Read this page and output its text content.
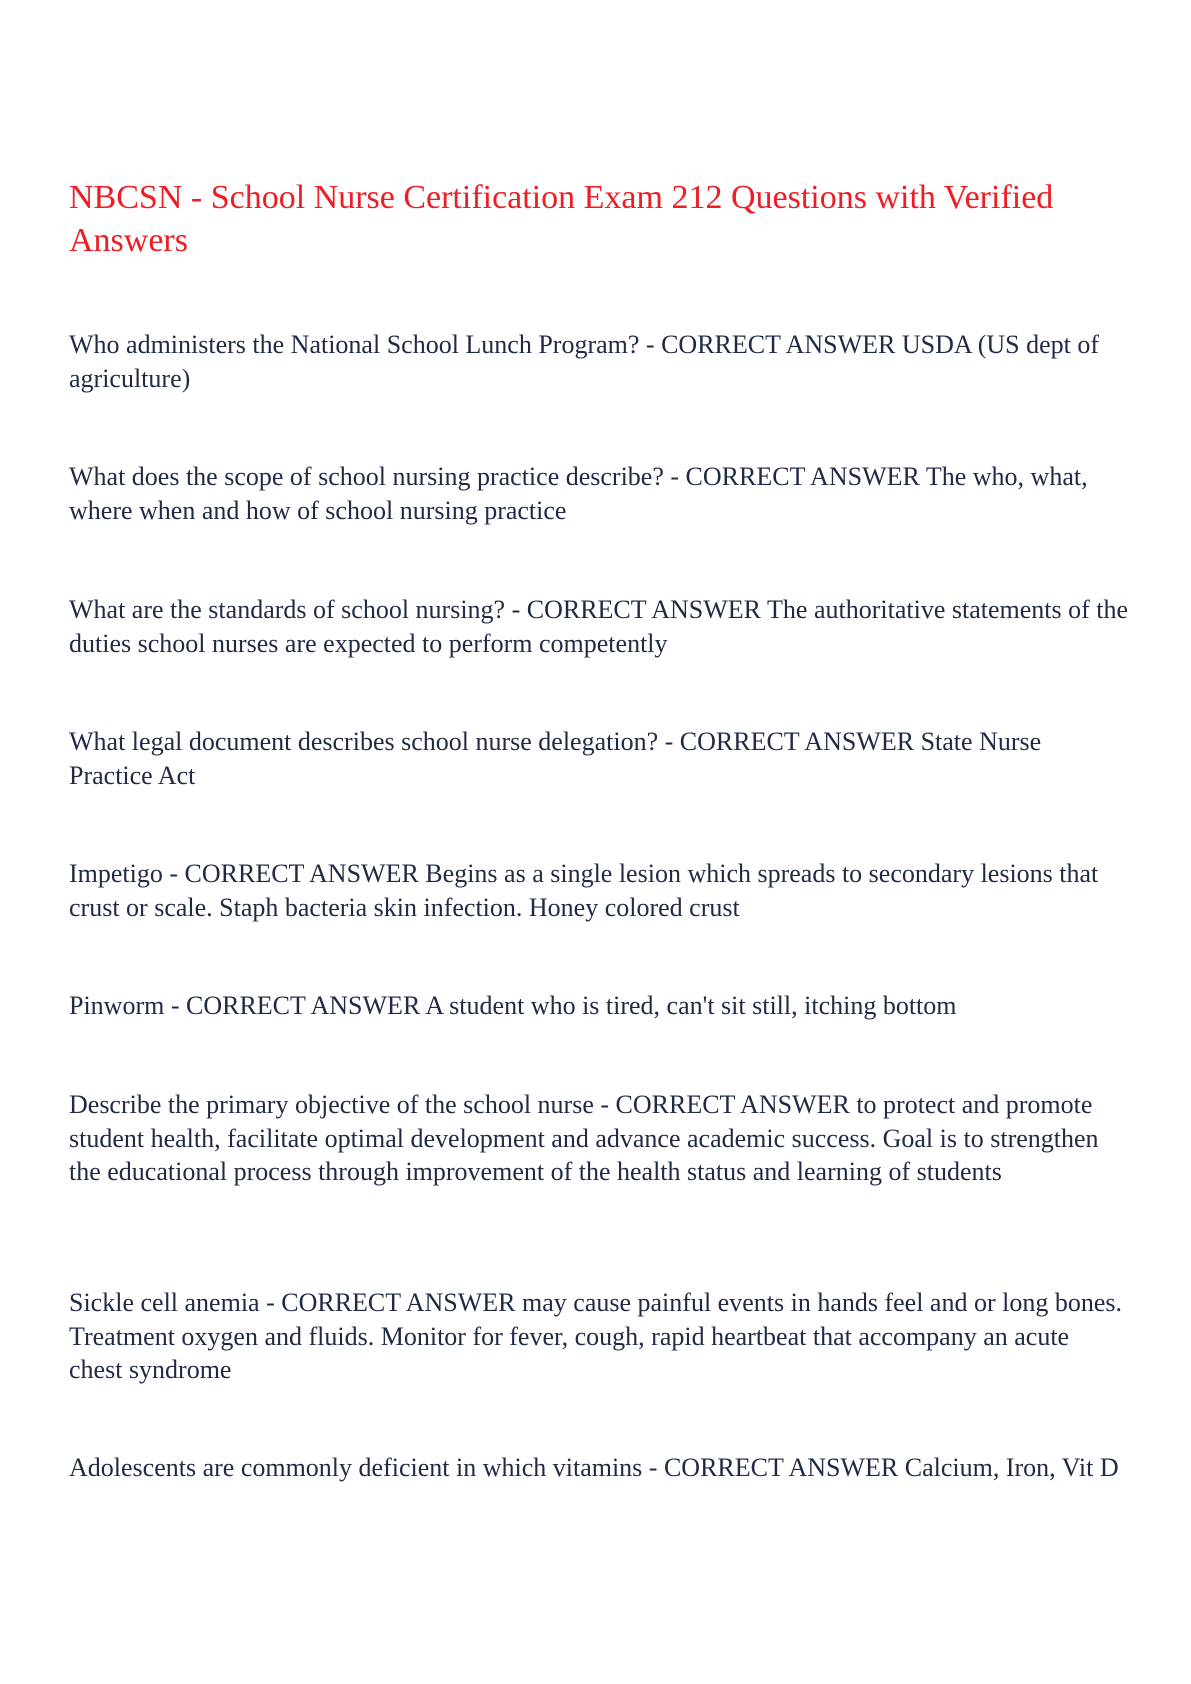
NBCSN - School Nurse Certification Exam 212 Questions with Verified Answers

Who administers the National School Lunch Program? - CORRECT ANSWER USDA (US dept of agriculture)

What does the scope of school nursing practice describe? - CORRECT ANSWER The who, what, where when and how of school nursing practice

What are the standards of school nursing? - CORRECT ANSWER The authoritative statements of the duties school nurses are expected to perform competently

What legal document describes school nurse delegation? - CORRECT ANSWER State Nurse Practice Act

Impetigo - CORRECT ANSWER Begins as a single lesion which spreads to secondary lesions that crust or scale. Staph bacteria skin infection. Honey colored crust

Pinworm - CORRECT ANSWER A student who is tired, can't sit still, itching bottom

Describe the primary objective of the school nurse - CORRECT ANSWER to protect and promote student health, facilitate optimal development and advance academic success. Goal is to strengthen the educational process through improvement of the health status and learning of students

Sickle cell anemia - CORRECT ANSWER may cause painful events in hands feel and or long bones. Treatment oxygen and fluids. Monitor for fever, cough, rapid heartbeat that accompany an acute chest syndrome

Adolescents are commonly deficient in which vitamins - CORRECT ANSWER Calcium, Iron, Vit D
